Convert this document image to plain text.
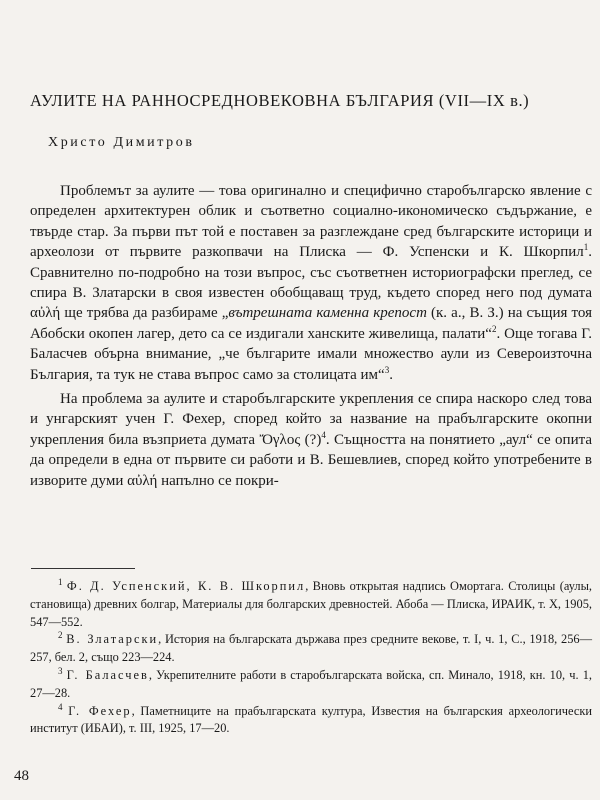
АУЛИТЕ НА РАННОСРЕДНОВЕКОВНА БЪЛГАРИЯ (VII—IX в.)
Христо Димитров

Проблемът за аулите — това оригинално и специфично старобългарско явление с определен архитектурен облик и съответно социално-икономическо съдържание, е твърде стар. За първи път той е поставен за разглеждане сред българските историци и археолози от първите разкопвачи на Плиска — Ф. Успенски и К. Шкорпил$^1$. Сравнително по-подробно на този въпрос, със съответнен историографски преглед, се спира В. Златарски в своя известен обобщаващ труд, където според него под думата αὐλή ще трябва да разбираме „вътрешната каменна крепост (к. а., В. З.) на същия тоя Абобски окопен лагер, дето са се издигали ханските живелища, палати“$^2$. Още тогава Г. Баласчев обърна внимание, „че българите имали множество аули из Североизточна България, та тук не става въпрос само за столицата им“$^3$.

На проблема за аулите и старобългарските укрепления се спира наскоро след това и унгарският учен Г. Фехер, според който за название на прабългарските окопни укрепления била възприета думата Ὄγλος (?)$^4$. Същността на понятието „аул“ се опита да определи в една от първите си работи и В. Бешевлиев, според който употребените в изворите думи αὐλή напълно се покри-

$^1$ Ф. Д. Успенский, К. В. Шкорпил, Вновь открытая надпись Омортага. Столицы (аулы, становища) древних болгар, Материалы для болгарских древностей. Абоба — Плиска, ИРАИК, т. X, 1905, 547—552.

$^2$ В. Златарски, История на българската държава през средните векове, т. I, ч. 1, С., 1918, 256—257, бел. 2, също 223—224.

$^3$ Г. Баласчев, Укрепителните работи в старобългарската войска, сп. Минало, 1918, кн. 10, ч. 1, 27—28.

$^4$ Г. Фехер, Паметниците на прабългарската култура, Известия на българския археологически институт (ИБАИ), т. III, 1925, 17—20.

48
